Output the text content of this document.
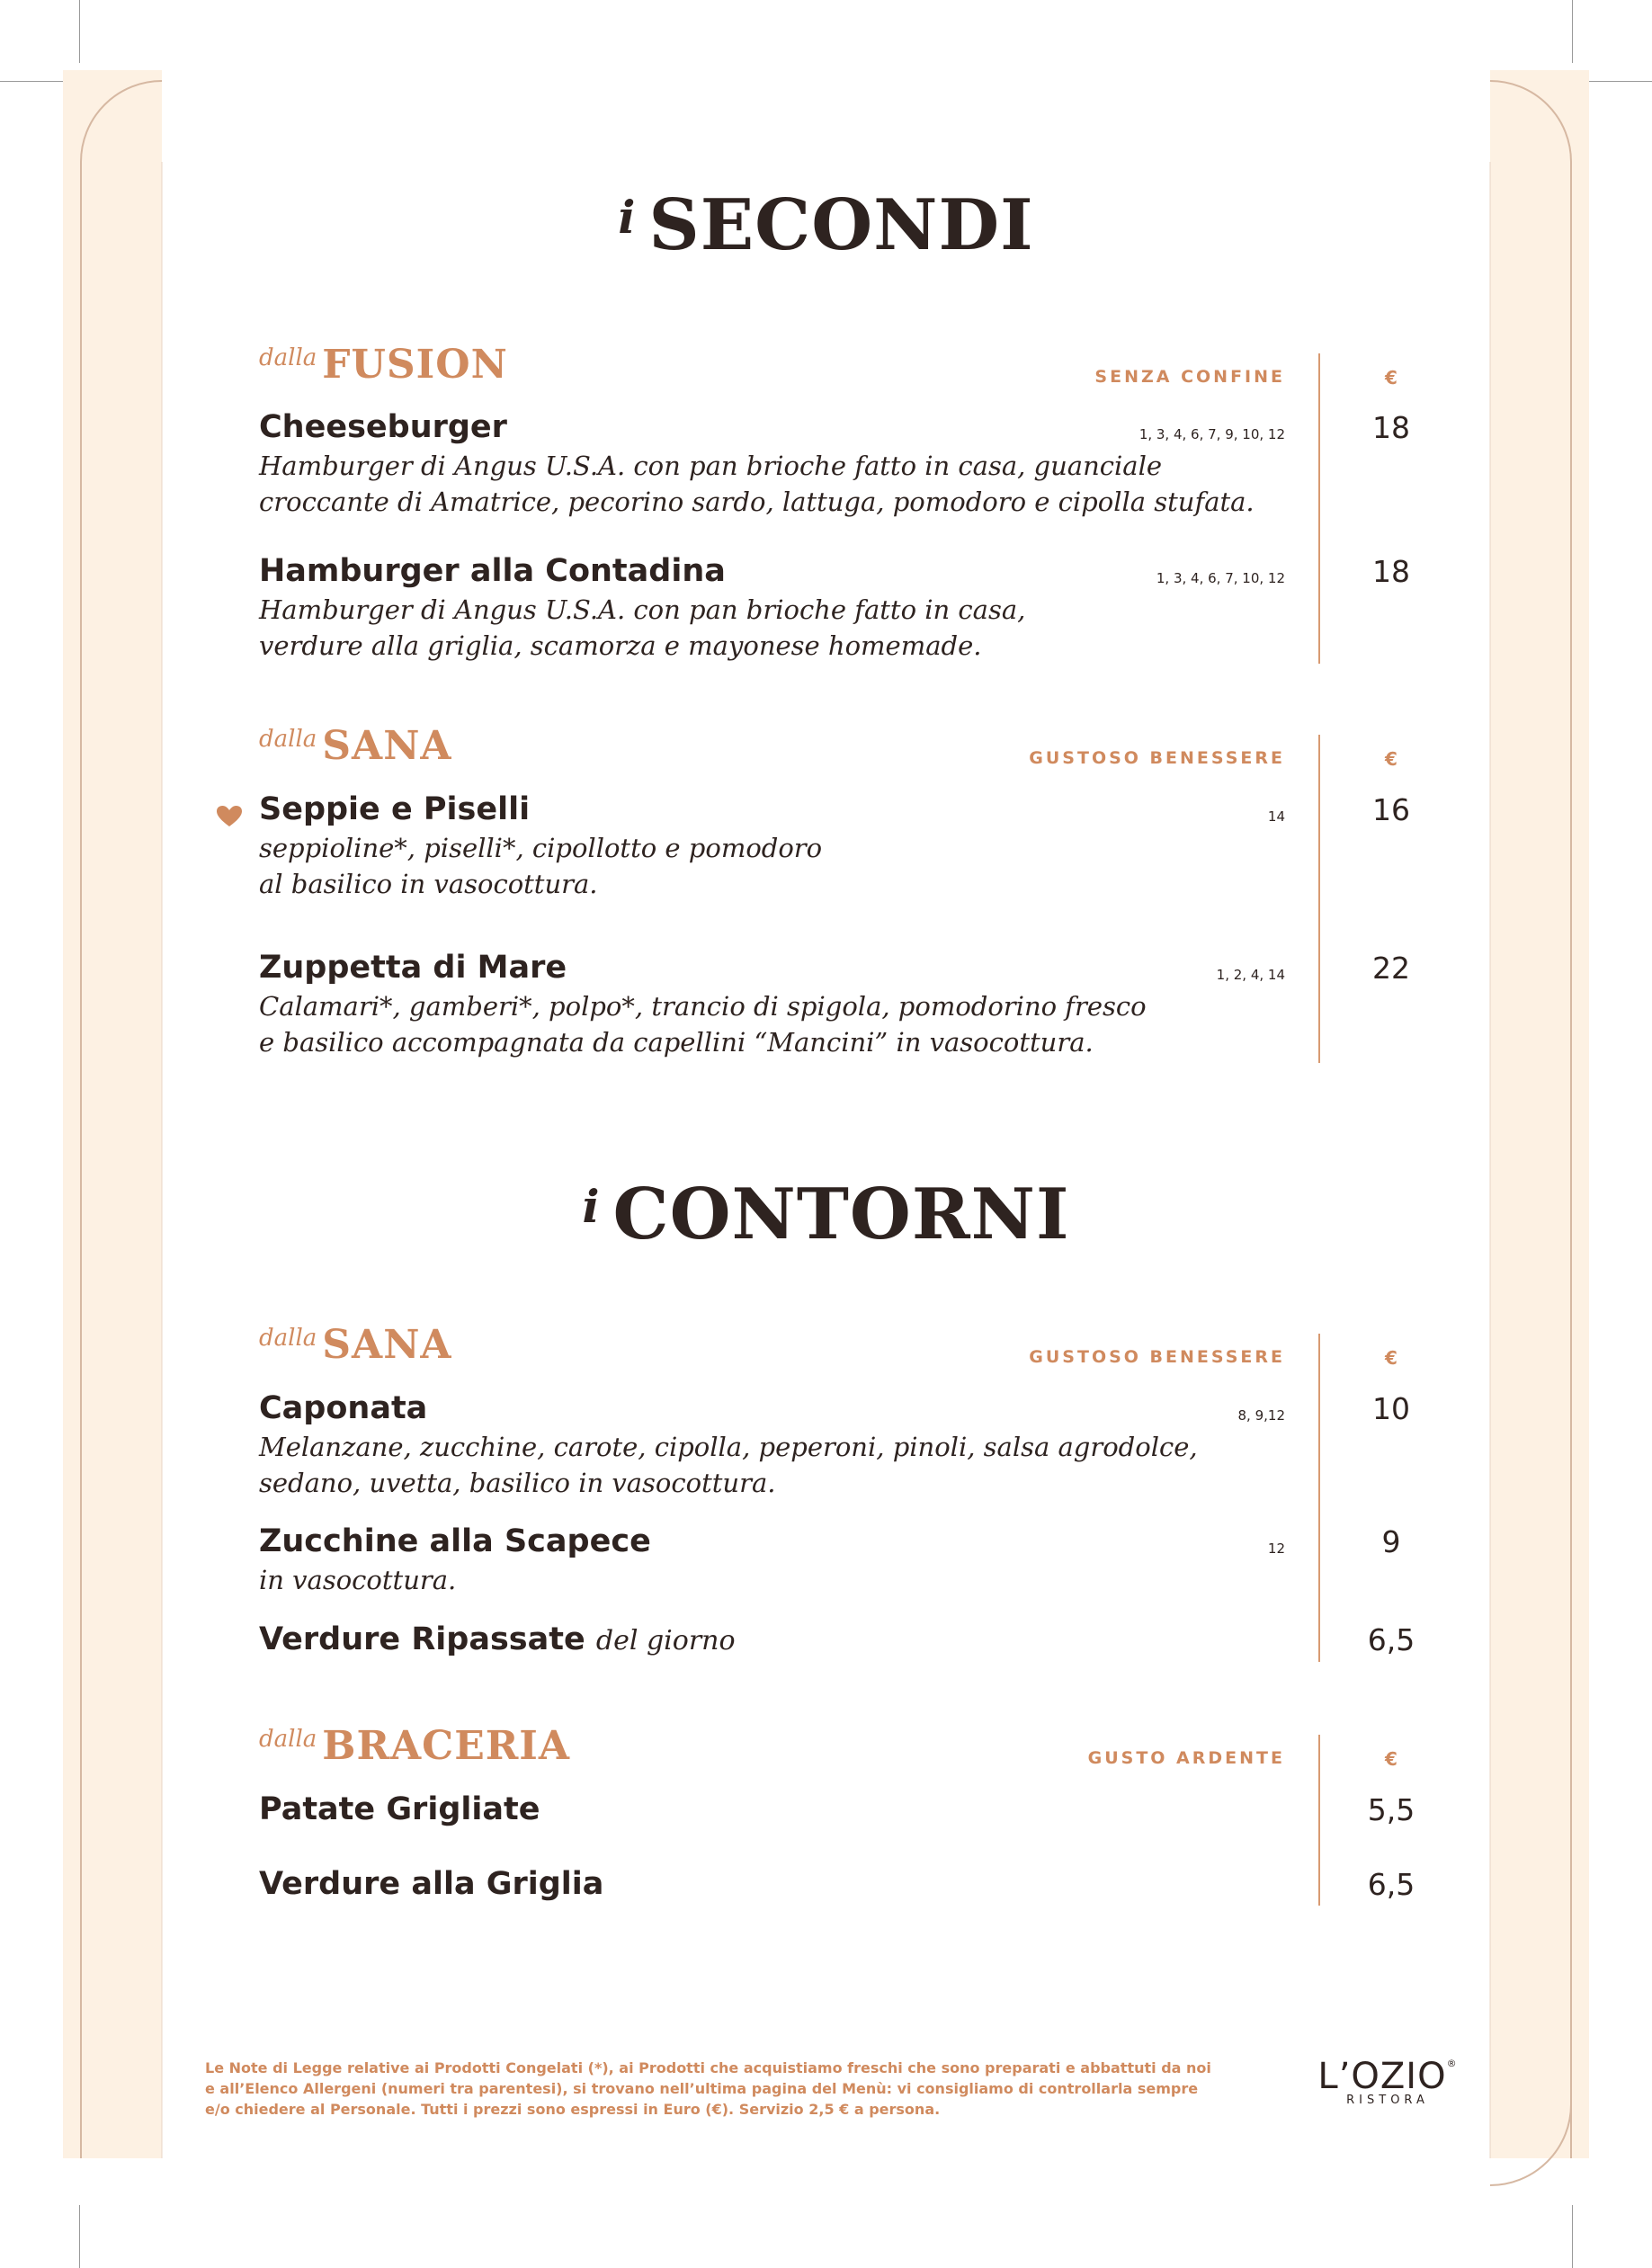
$^i$ SECONDI
dalla FUSION	SENZA CONFINE	€
Cheeseburger	1, 3, 4, 6, 7, 9, 10, 12	18
Hamburger di Angus U.S.A. con pan brioche fatto in casa, guanciale
croccante di Amatrice, pecorino sardo, lattuga, pomodoro e cipolla stufata.
Hamburger alla Contadina	1, 3, 4, 6, 7, 10, 12	18
Hamburger di Angus U.S.A. con pan brioche fatto in casa,
verdure alla griglia, scamorza e mayonese homemade.
dalla SANA	GUSTOSO BENESSERE	€
Seppie e Piselli	14	16
seppioline*, piselli*, cipollotto e pomodoro
al basilico in vasocottura.
Zuppetta di Mare	1, 2, 4, 14	22
Calamari*, gamberi*, polpo*, trancio di spigola, pomodorino fresco
e basilico accompagnata da capellini “Mancini” in vasocottura.
$^i$ CONTORNI
dalla SANA	GUSTOSO BENESSERE	€
Caponata	8, 9,12	10
Melanzane, zucchine, carote, cipolla, peperoni, pinoli, salsa agrodolce,
sedano, uvetta, basilico in vasocottura.
Zucchine alla Scapece	12	9
in vasocottura.
Verdure Ripassate del giorno	6,5
dalla BRACERIA	GUSTO ARDENTE	€
Patate Grigliate	5,5
Verdure alla Griglia	6,5
Le Note di Legge relative ai Prodotti Congelati (*), ai Prodotti che acquistiamo freschi che sono preparati e abbattuti da noi
e all’Elenco Allergeni (numeri tra parentesi), si trovano nell’ultima pagina del Menù: vi consigliamo di controllarla sempre
e/o chiedere al Personale. Tutti i prezzi sono espressi in Euro (€). Servizio 2,5 € a persona.
L’OZIO®
RISTORA
